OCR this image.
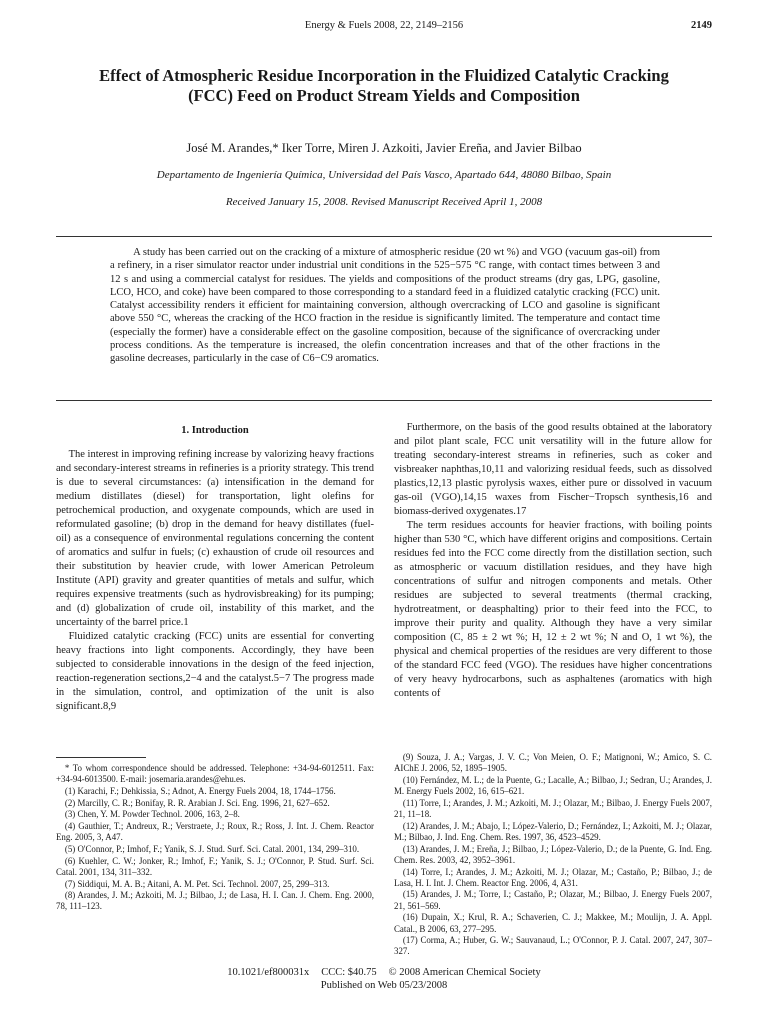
Energy & Fuels 2008, 22, 2149–2156	2149
Effect of Atmospheric Residue Incorporation in the Fluidized Catalytic Cracking (FCC) Feed on Product Stream Yields and Composition
José M. Arandes,* Iker Torre, Miren J. Azkoiti, Javier Ereña, and Javier Bilbao
Departamento de Ingeniería Química, Universidad del País Vasco, Apartado 644, 48080 Bilbao, Spain
Received January 15, 2008. Revised Manuscript Received April 1, 2008

A study has been carried out on the cracking of a mixture of atmospheric residue (20 wt %) and VGO (vacuum gas-oil) from a refinery, in a riser simulator reactor under industrial unit conditions in the 525−575 °C range, with contact times between 3 and 12 s and using a commercial catalyst for residues. The yields and compositions of the product streams (dry gas, LPG, gasoline, LCO, HCO, and coke) have been compared to those corresponding to a standard feed in a fluidized catalytic cracking (FCC) unit. Catalyst accessibility renders it efficient for maintaining conversion, although overcracking of LCO and gasoline is significant above 550 °C, whereas the cracking of the HCO fraction in the residue is significantly limited. The temperature and contact time (especially the former) have a considerable effect on the gasoline composition, because of the significance of overcracking under process conditions. As the temperature is increased, the olefin concentration increases and that of the other fractions in the gasoline decreases, particularly in the case of C6−C9 aromatics.

1. Introduction

The interest in improving refining increase by valorizing heavy fractions and secondary-interest streams in refineries is a priority strategy. This trend is due to several circumstances: (a) intensification in the demand for medium distillates (diesel) for transportation, light olefins for petrochemical production, and oxygenate compounds, which are used in reformulated gasoline; (b) drop in the demand for heavy distillates (fuel-oil) as a consequence of environmental regulations concerning the content of aromatics and sulfur in fuels; (c) exhaustion of crude oil resources and their substitution by heavier crude, with lower American Petroleum Institute (API) gravity and greater quantities of metals and sulfur, which requires expensive treatments (such as hydrovisbreaking) for its pumping; and (d) globalization of crude oil, instability of this market, and the uncertainty of the barrel price.1

Fluidized catalytic cracking (FCC) units are essential for converting heavy fractions into light components. Accordingly, they have been subjected to considerable innovations in the design of the feed injection, reaction-regeneration sections,2−4 and the catalyst.5−7 The progress made in the simulation, control, and optimization of the unit is also significant.8,9

Furthermore, on the basis of the good results obtained at the laboratory and pilot plant scale, FCC unit versatility will in the future allow for treating secondary-interest streams in refineries, such as coker and visbreaker naphthas,10,11 and valorizing residual feeds, such as dissolved plastics,12,13 plastic pyrolysis waxes, either pure or dissolved in vacuum gas-oil (VGO),14,15 waxes from Fischer−Tropsch synthesis,16 and biomass-derived oxygenates.17

The term residues accounts for heavier fractions, with boiling points higher than 530 °C, which have different origins and compositions. Certain residues fed into the FCC come directly from the distillation section, such as atmospheric or vacuum distillation residues, and they have high concentrations of sulfur and nitrogen components and metals. Other residues are subjected to several treatments (thermal cracking, hydrotreatment, or deasphalting) prior to their feed into the FCC, to improve their purity and quality. Although they have a very similar composition (C, 85 ± 2 wt %; H, 12 ± 2 wt %; N and O, 1 wt %), the physical and chemical properties of the residues are very different to those of the standard FCC feed (VGO). The residues have higher concentrations of very heavy hydrocarbons, such as asphaltenes (aromatics with high contents of

* To whom correspondence should be addressed. Telephone: +34-94-6012511. Fax: +34-94-6013500. E-mail: josemaria.arandes@ehu.es.

(1) Karachi, F.; Dehkissia, S.; Adnot, A. Energy Fuels 2004, 18, 1744–1756.

(2) Marcilly, C. R.; Bonifay, R. R. Arabian J. Sci. Eng. 1996, 21, 627–652.

(3) Chen, Y. M. Powder Technol. 2006, 163, 2–8.

(4) Gauthier, T.; Andreux, R.; Verstraete, J.; Roux, R.; Ross, J. Int. J. Chem. Reactor Eng. 2005, 3, A47.

(5) O'Connor, P.; Imhof, F.; Yanik, S. J. Stud. Surf. Sci. Catal. 2001, 134, 299–310.

(6) Kuehler, C. W.; Jonker, R.; Imhof, F.; Yanik, S. J.; O'Connor, P. Stud. Surf. Sci. Catal. 2001, 134, 311–332.

(7) Siddiqui, M. A. B.; Aitani, A. M. Pet. Sci. Technol. 2007, 25, 299–313.

(8) Arandes, J. M.; Azkoiti, M. J.; Bilbao, J.; de Lasa, H. I. Can. J. Chem. Eng. 2000, 78, 111–123.

(9) Souza, J. A.; Vargas, J. V. C.; Von Meien, O. F.; Matignoni, W.; Amico, S. C. AIChE J. 2006, 52, 1895–1905.

(10) Fernández, M. L.; de la Puente, G.; Lacalle, A.; Bilbao, J.; Sedran, U.; Arandes, J. M. Energy Fuels 2002, 16, 615–621.

(11) Torre, I.; Arandes, J. M.; Azkoiti, M. J.; Olazar, M.; Bilbao, J. Energy Fuels 2007, 21, 11–18.

(12) Arandes, J. M.; Abajo, I.; López-Valerio, D.; Fernández, I.; Azkoiti, M. J.; Olazar, M.; Bilbao, J. Ind. Eng. Chem. Res. 1997, 36, 4523–4529.

(13) Arandes, J. M.; Ereña, J.; Bilbao, J.; López-Valerio, D.; de la Puente, G. Ind. Eng. Chem. Res. 2003, 42, 3952–3961.

(14) Torre, I.; Arandes, J. M.; Azkoiti, M. J.; Olazar, M.; Castaño, P.; Bilbao, J.; de Lasa, H. I. Int. J. Chem. Reactor Eng. 2006, 4, A31.

(15) Arandes, J. M.; Torre, I.; Castaño, P.; Olazar, M.; Bilbao, J. Energy Fuels 2007, 21, 561–569.

(16) Dupain, X.; Krul, R. A.; Schaverien, C. J.; Makkee, M.; Moulijn, J. A. Appl. Catal., B 2006, 63, 277–295.

(17) Corma, A.; Huber, G. W.; Sauvanaud, L.; O'Connor, P. J. Catal. 2007, 247, 307–327.

10.1021/ef800031x CCC: $40.75 © 2008 American Chemical Society
Published on Web 05/23/2008
